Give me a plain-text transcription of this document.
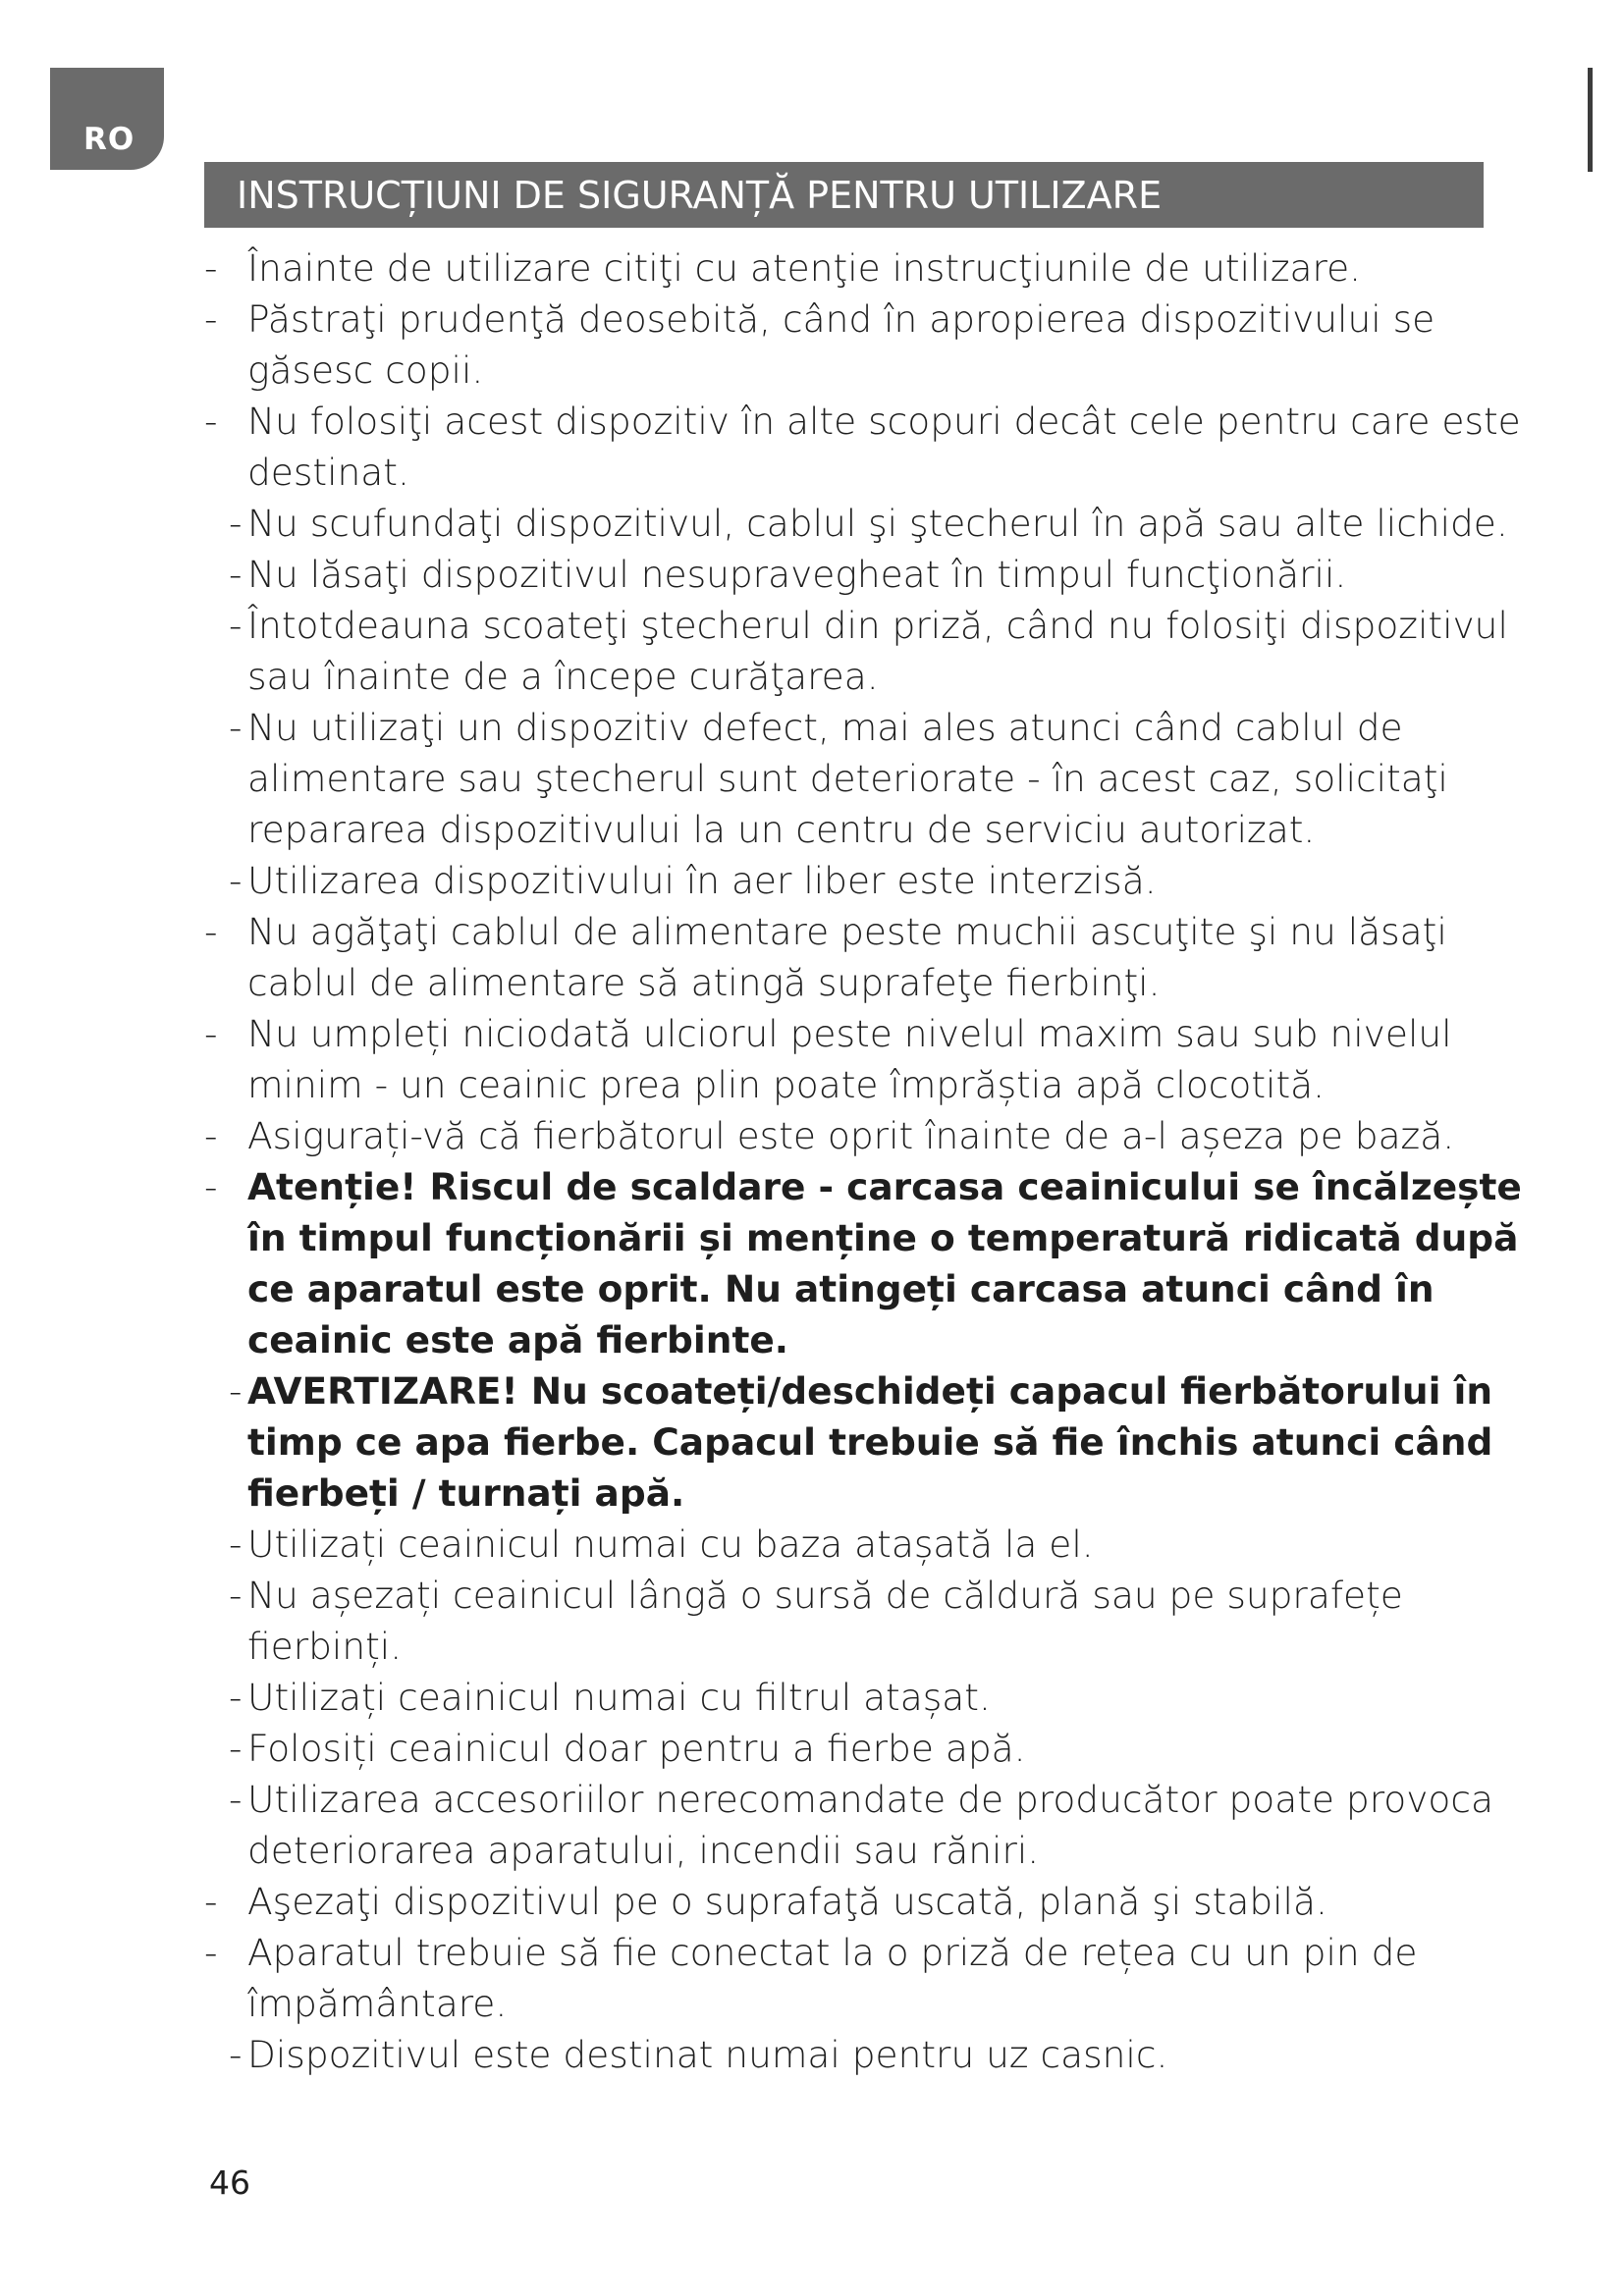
RO
INSTRUCȚIUNI DE SIGURANȚĂ PENTRU UTILIZARE
- Înainte de utilizare citiţi cu atenţie instrucţiunile de utilizare.
- Păstraţi prudenţă deosebită, când în apropierea dispozitivului se găsesc copii.
- Nu folosiţi acest dispozitiv în alte scopuri decât cele pentru care este destinat.
- Nu scufundaţi dispozitivul, cablul şi ştecherul în apă sau alte lichide.
- Nu lăsaţi dispozitivul nesupravegheat în timpul funcţionării.
- Întotdeauna scoateţi ştecherul din priză, când nu folosiţi dispozitivul sau înainte de a începe curăţarea.
- Nu utilizaţi un dispozitiv defect, mai ales atunci când cablul de alimentare sau ştecherul sunt deteriorate - în acest caz, solicitaţi repararea dispozitivului la un centru de serviciu autorizat.
- Utilizarea dispozitivului în aer liber este interzisă.
- Nu agăţaţi cablul de alimentare peste muchii ascuţite şi nu lăsaţi cablul de alimentare să atingă suprafeţe fierbinţi.
- Nu umpleți niciodată ulciorul peste nivelul maxim sau sub nivelul minim - un ceainic prea plin poate împrăștia apă clocotită.
- Asigurați-vă că fierbătorul este oprit înainte de a-l așeza pe bază.
- Atenție! Riscul de scaldare - carcasa ceainicului se încălzește în timpul funcționării și menține o temperatură ridicată după ce aparatul este oprit. Nu atingeți carcasa atunci când în ceainic este apă fierbinte.
- AVERTIZARE! Nu scoateți/deschideți capacul fierbătorului în timp ce apa fierbe. Capacul trebuie să fie închis atunci când fierbeți / turnați apă.
- Utilizați ceainicul numai cu baza atașată la el.
- Nu așezați ceainicul lângă o sursă de căldură sau pe suprafețe fierbinți.
- Utilizați ceainicul numai cu filtrul atașat.
- Folosiți ceainicul doar pentru a fierbe apă.
- Utilizarea accesoriilor nerecomandate de producător poate provoca deteriorarea aparatului, incendii sau răniri.
- Aşezaţi dispozitivul pe o suprafaţă uscată, plană şi stabilă.
- Aparatul trebuie să fie conectat la o priză de rețea cu un pin de împământare.
- Dispozitivul este destinat numai pentru uz casnic.
46
